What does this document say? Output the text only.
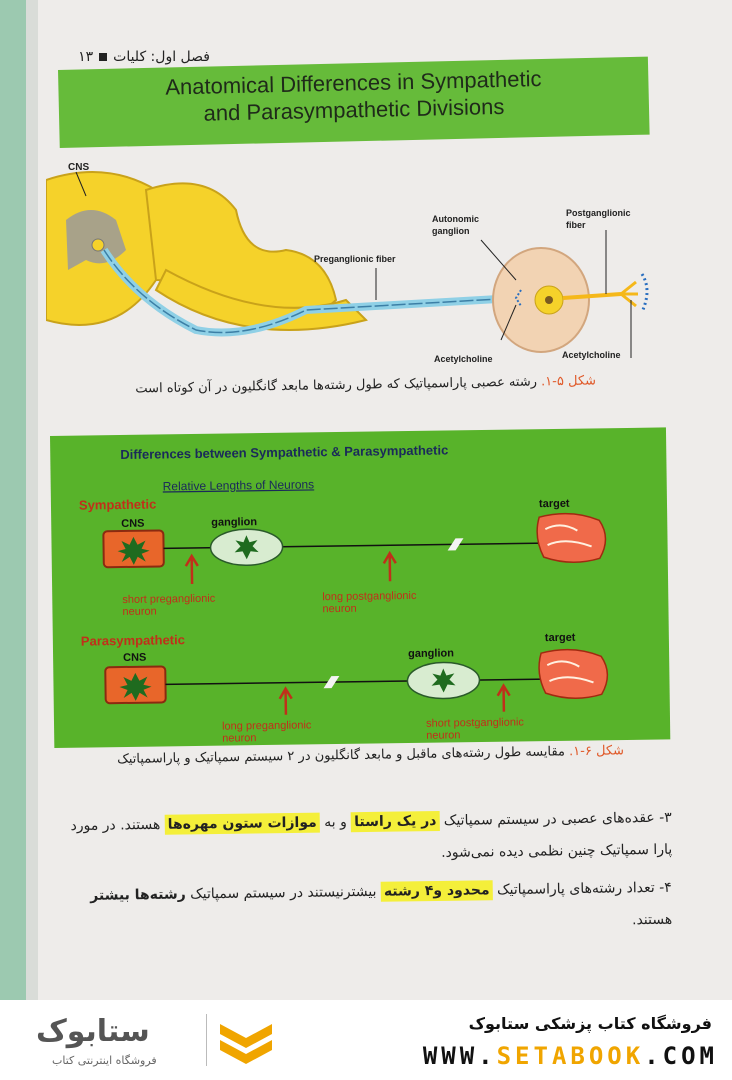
فصل اول: کلیات
۱۳
Anatomical Differences in Sympathetic
and Parasympathetic Divisions
CNS
Autonomic
ganglion
Postganglionic
fiber
Preganglionic fiber
Acetylcholine	Acetylcholine
شکل ۵-۱. رشته عصبی پاراسمپاتیک که طول رشته‌ها مابعد گانگلیون در آن کوتاه است
Differences between Sympathetic & Parasympathetic
Relative Lengths of Neurons
Sympathetic
CNS	ganglion
target
short preganglionic
neuron
long postganglionic
neuron
Parasympathetic
CNS	ganglion
target
long preganglionic
neuron
short postganglionic
neuron
شکل ۶-۱. مقایسه طول رشته‌های ماقبل و مابعد گانگلیون در ۲ سیستم سمپاتیک و پاراسمپاتیک
۳- عقده‌های عصبی در سیستم سمپاتیک در یک راستا و به موازات ستون مهره‌ها هستند. در مورد پارا سمپاتیک چنین نظمی دیده نمی‌شود.
۴- تعداد رشته‌های پاراسمپاتیک محدود و۴ رشته بیشترنیستند در سیستم سمپاتیک رشته‌ها بیشتر هستند.
ستابوک
فروشگاه اینترنتی کتاب
فروشگاه کتاب پزشکی ستابوک
WWW.SETABOOK.COM
